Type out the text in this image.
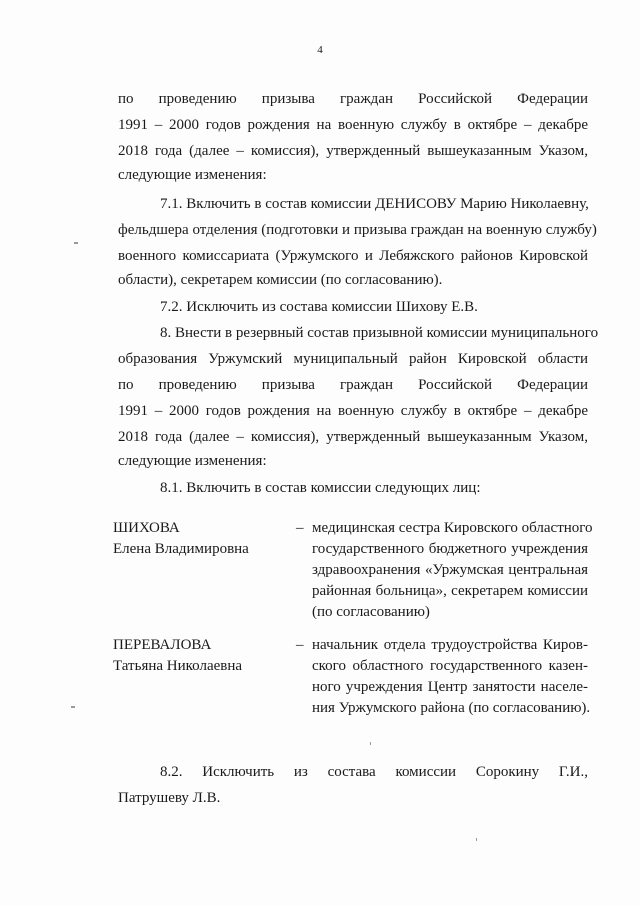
4
по проведению призыва граждан Российской Федерации
1991 – 2000 годов рождения на военную службу в октябре – декабре
2018 года (далее – комиссия), утвержденный вышеуказанным Указом,
следующие изменения:
7.1. Включить в состав комиссии ДЕНИСОВУ Марию Николаевну,
фельдшера отделения (подготовки и призыва граждан на военную службу)
военного комиссариата (Уржумского и Лебяжского районов Кировской
области), секретарем комиссии (по согласованию).
7.2. Исключить из состава комиссии Шихову Е.В.
8. Внести в резервный состав призывной комиссии муниципального
образования Уржумский муниципальный район Кировской области
по проведению призыва граждан Российской Федерации
1991 – 2000 годов рождения на военную службу в октябре – декабре
2018 года (далее – комиссия), утвержденный вышеуказанным Указом,
следующие изменения:
8.1. Включить в состав комиссии следующих лиц:
ШИХОВА
Елена Владимировна
– медицинская сестра Кировского областного
государственного бюджетного учреждения
здравоохранения «Уржумская центральная
районная больница», секретарем комиссии
(по согласованию)
ПЕРЕВАЛОВА
Татьяна Николаевна
– начальник отдела трудоустройства Киров-
ского областного государственного казен-
ного учреждения Центр занятости населе-
ния Уржумского района (по согласованию).
8.2. Исключить из состава комиссии Сорокину Г.И.,
Патрушеву Л.В.
